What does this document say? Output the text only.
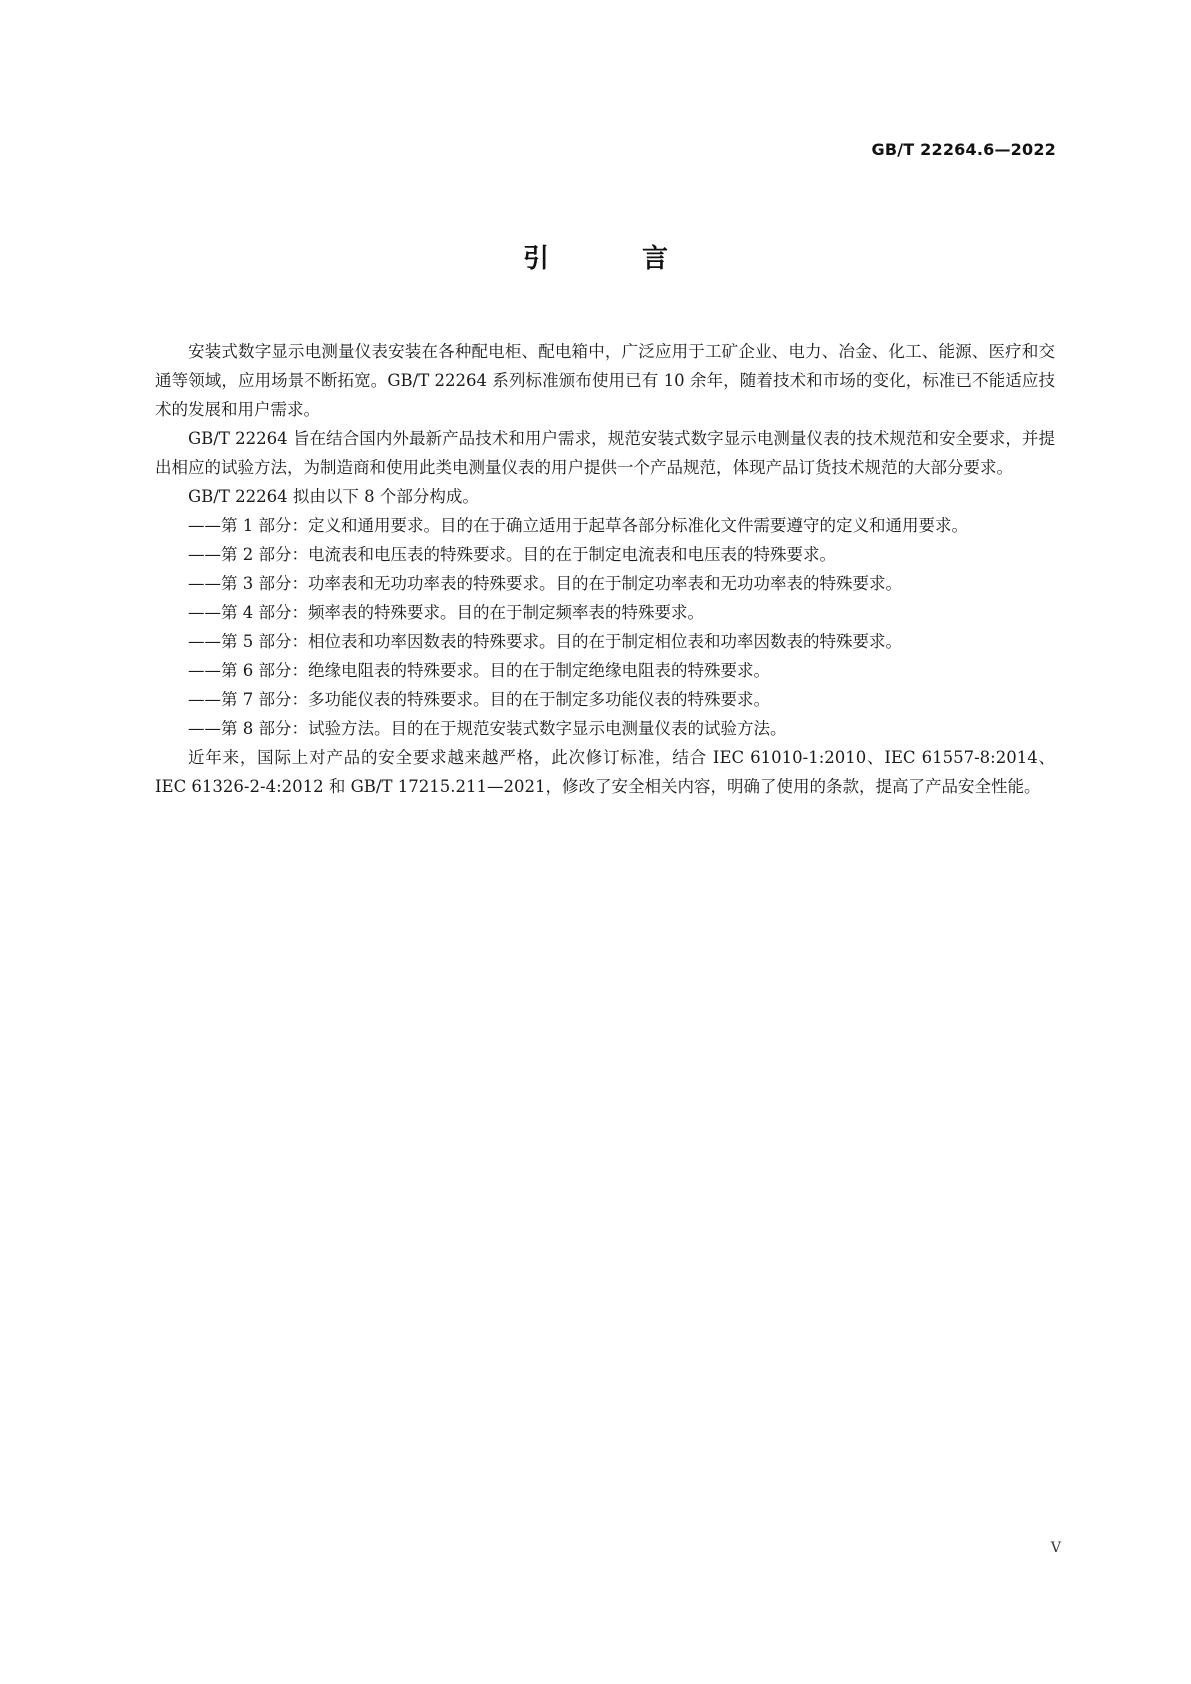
GB/T 22264.6—2022
引 言

安装式数字显示电测量仪表安装在各种配电柜、配电箱中，广泛应用于工矿企业、电力、冶金、化工、能源、医疗和交通等领域，应用场景不断拓宽。GB/T 22264 系列标准颁布使用已有 10 余年，随着技术和市场的变化，标准已不能适应技术的发展和用户需求。

GB/T 22264 旨在结合国内外最新产品技术和用户需求，规范安装式数字显示电测量仪表的技术规范和安全要求，并提出相应的试验方法，为制造商和使用此类电测量仪表的用户提供一个产品规范，体现产品订货技术规范的大部分要求。

GB/T 22264 拟由以下 8 个部分构成。

——第 1 部分：定义和通用要求。目的在于确立适用于起草各部分标准化文件需要遵守的定义和通用要求。

——第 2 部分：电流表和电压表的特殊要求。目的在于制定电流表和电压表的特殊要求。

——第 3 部分：功率表和无功功率表的特殊要求。目的在于制定功率表和无功功率表的特殊要求。

——第 4 部分：频率表的特殊要求。目的在于制定频率表的特殊要求。

——第 5 部分：相位表和功率因数表的特殊要求。目的在于制定相位表和功率因数表的特殊要求。

——第 6 部分：绝缘电阻表的特殊要求。目的在于制定绝缘电阻表的特殊要求。

——第 7 部分：多功能仪表的特殊要求。目的在于制定多功能仪表的特殊要求。

——第 8 部分：试验方法。目的在于规范安装式数字显示电测量仪表的试验方法。

近年来，国际上对产品的安全要求越来越严格，此次修订标准，结合 IEC 61010-1:2010、IEC 61557-8:2014、IEC 61326-2-4:2012 和 GB/T 17215.211—2021，修改了安全相关内容，明确了使用的条款，提高了产品安全性能。

V
